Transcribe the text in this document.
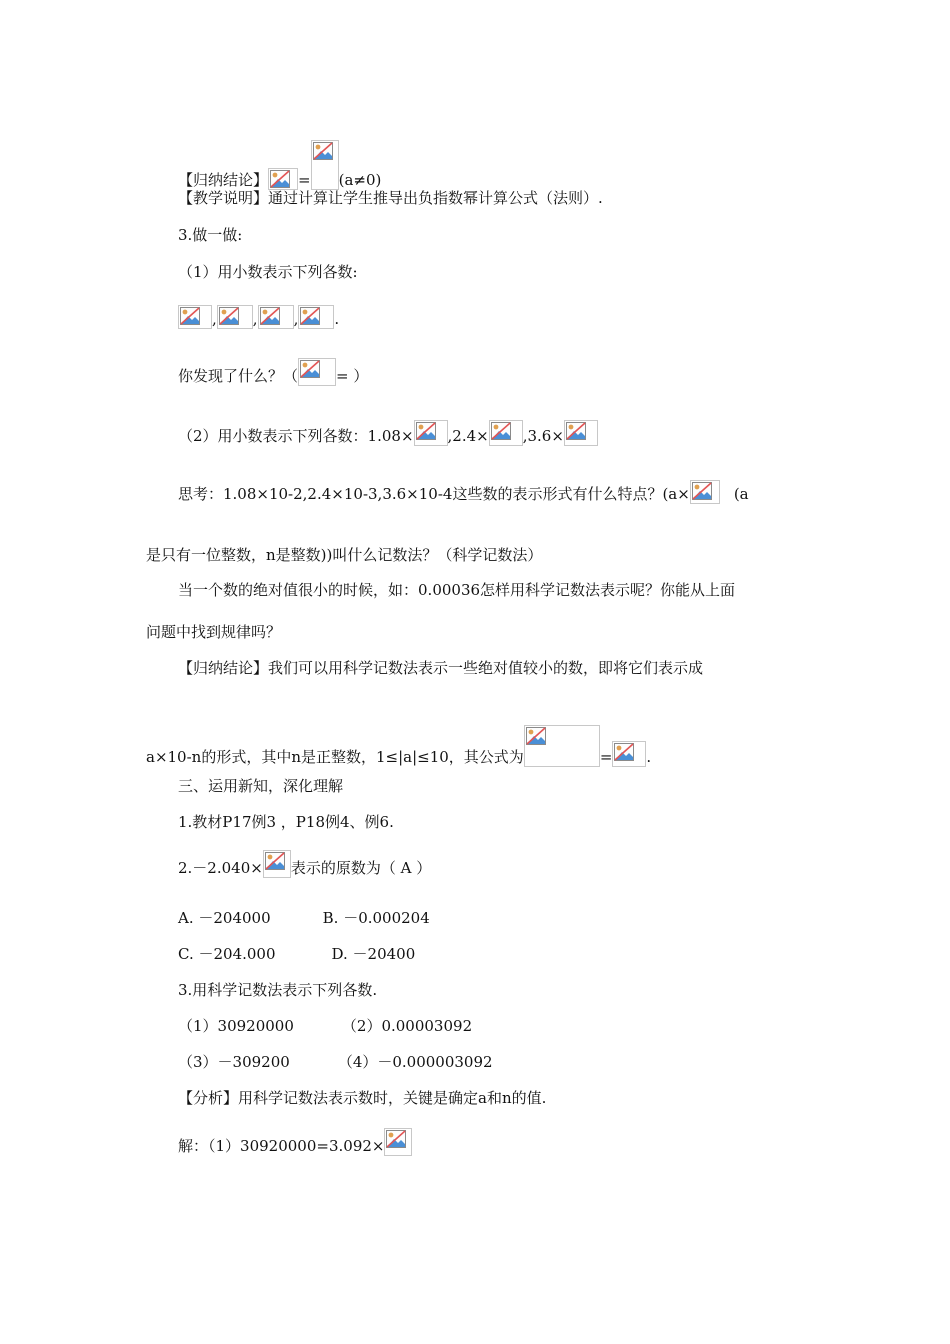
【归纳结论】 = (a≠0)
【教学说明】通过计算让学生推导出负指数幂计算公式（法则）.
3.做一做:
（1）用小数表示下列各数:
, , , .
你发现了什么？（	= ）
（2）用小数表示下列各数：1.08× ,2.4× ,3.6×
思考：1.08×10-2,2.4×10-3,3.6×10-4这些数的表示形式有什么特点？(a×	(a
是只有一位整数，n是整数))叫什么记数法？（科学记数法）
当一个数的绝对值很小的时候，如：0.00036怎样用科学记数法表示呢？你能从上面
问题中找到规律吗？
【归纳结论】我们可以用科学记数法表示一些绝对值较小的数，即将它们表示成
a×10-n的形式，其中n是正整数，1≤|a|≤10，其公式为	= .
三、运用新知，深化理解
1.教材P17例3 ，P18例4、例6.
2.－2.040× 表示的原数为（ A ）
A. －204000	B. －0.000204
C. －204.000	D. －20400
3.用科学记数法表示下列各数.
（1）30920000	（2）0.00003092
（3）－309200	（4）－0.000003092
【分析】用科学记数法表示数时，关键是确定a和n的值.
解：（1）30920000=3.092×
